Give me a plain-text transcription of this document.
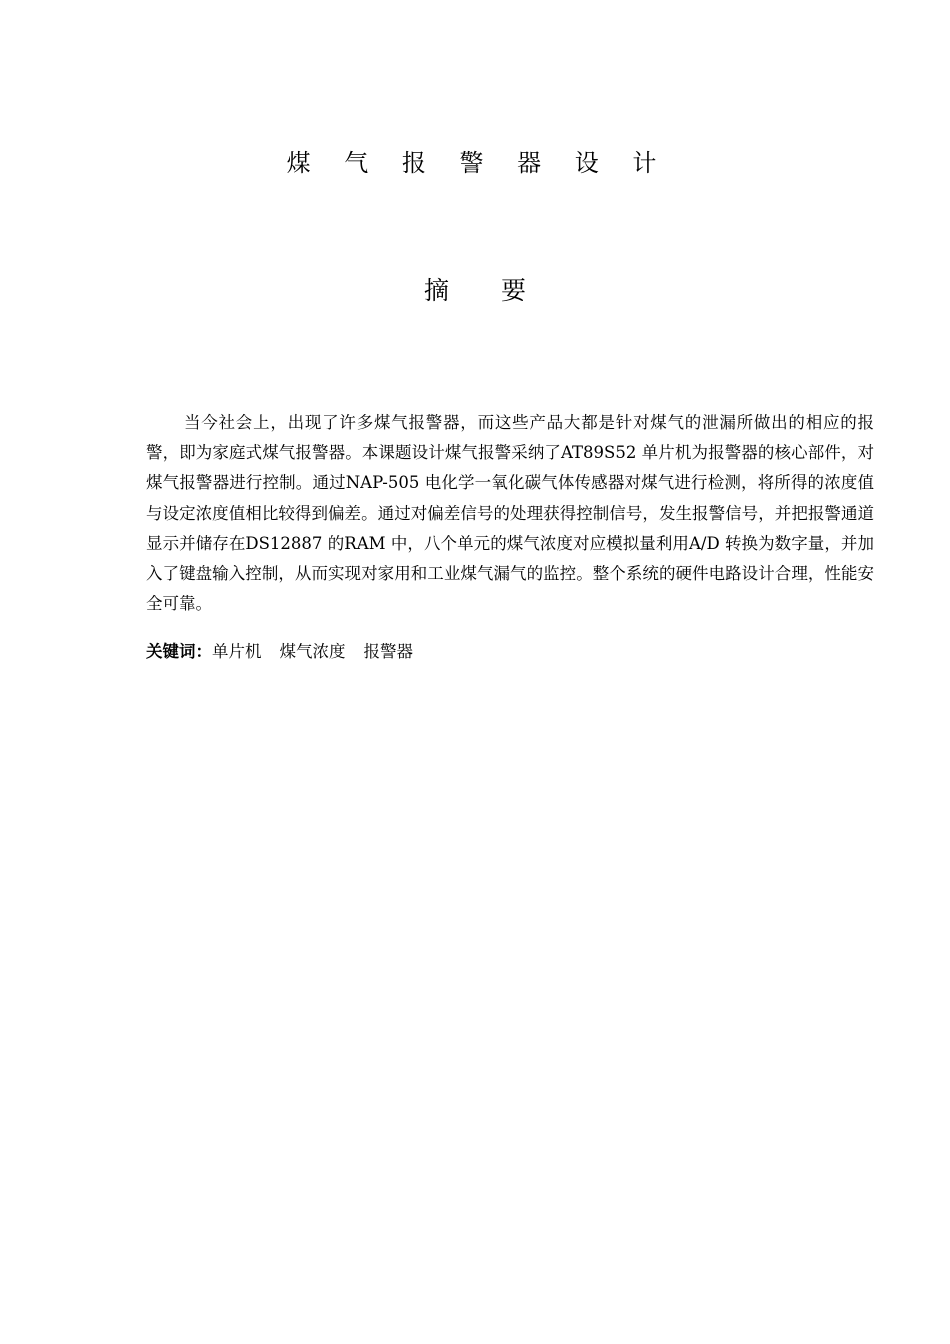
煤 气 报 警 器 设 计
摘 要

当今社会上，出现了许多煤气报警器，而这些产品大都是针对煤气的泄漏所做出的相应的报警，即为家庭式煤气报警器。本课题设计煤气报警采纳了AT89S52 单片机为报警器的核心部件，对煤气报警器进行控制。通过NAP-505 电化学一氧化碳气体传感器对煤气进行检测，将所得的浓度值与设定浓度值相比较得到偏差。通过对偏差信号的处理获得控制信号，发生报警信号，并把报警通道显示并储存在DS12887 的RAM 中，八个单元的煤气浓度对应模拟量利用A/D 转换为数字量，并加入了键盘输入控制，从而实现对家用和工业煤气漏气的监控。整个系统的硬件电路设计合理，性能安全可靠。

关键词：单片机 煤气浓度 报警器
